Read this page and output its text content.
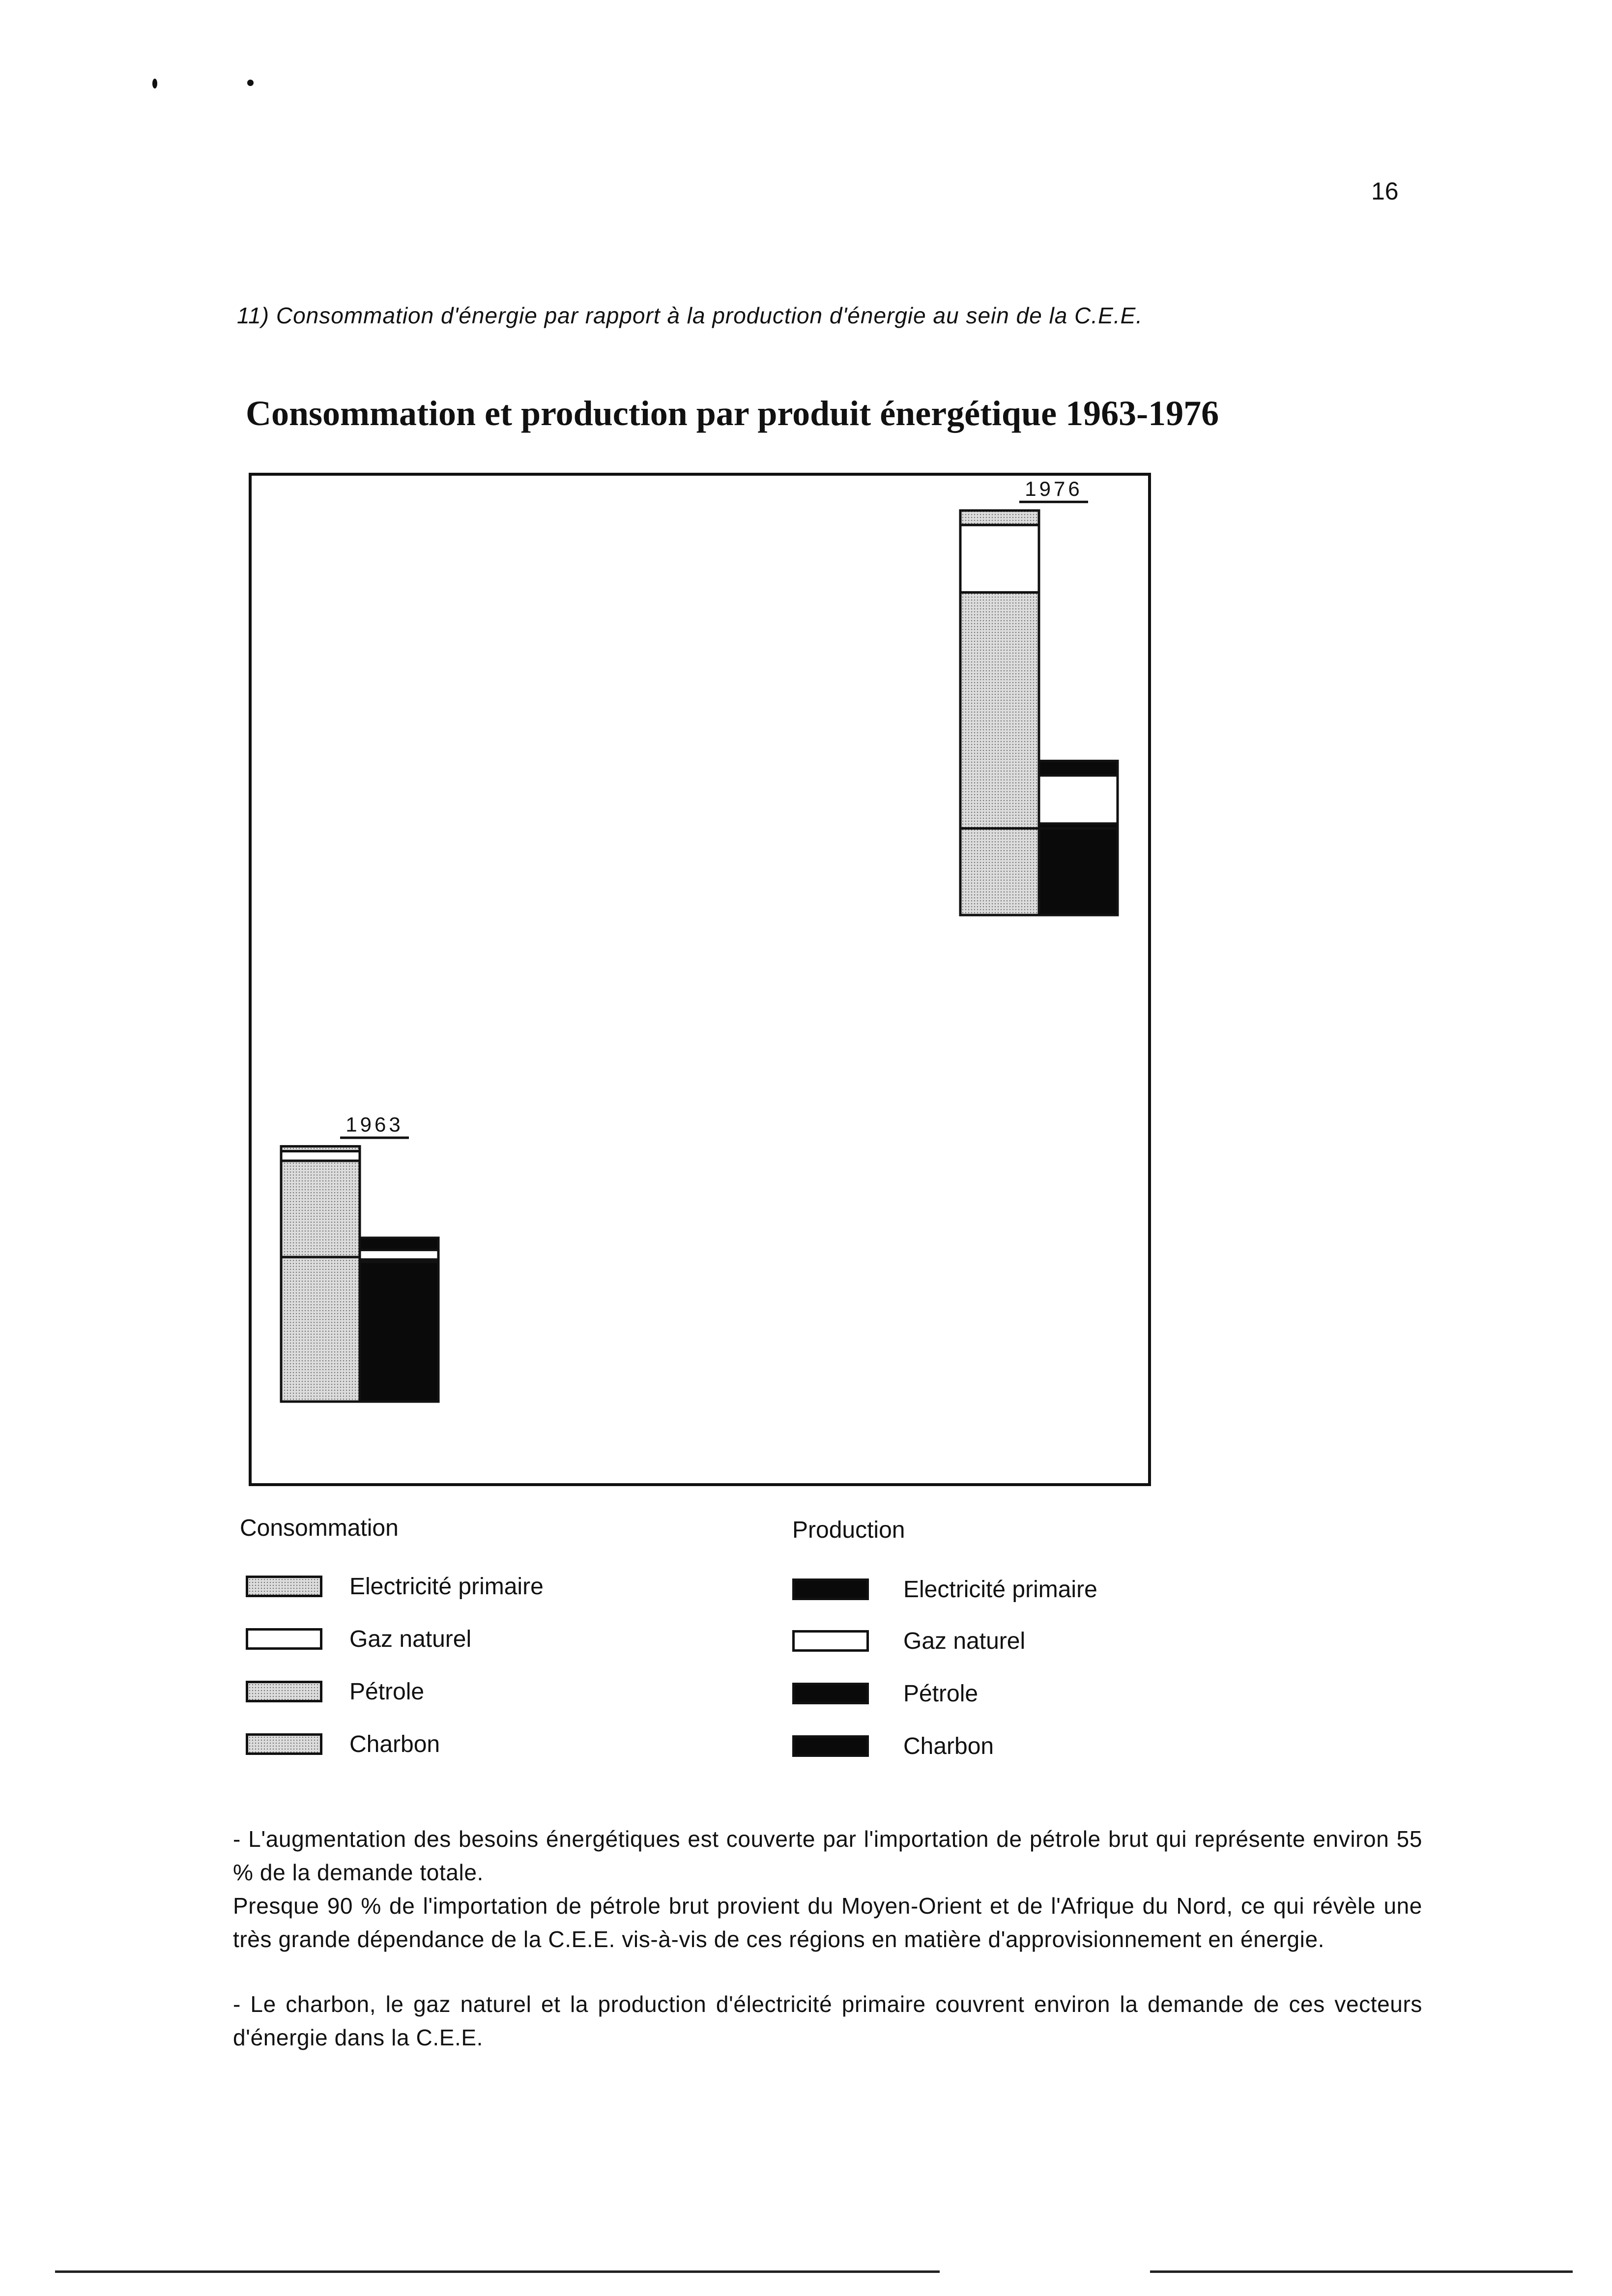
16
11) Consommation d'énergie par rapport à la production d'énergie au sein de la C.E.E.
Consommation et production par produit énergétique 1963-1976
1963
1976
Consommation
Electricité primaire
Gaz naturel
Pétrole
Charbon
Production
Electricité primaire
Gaz naturel
Pétrole
Charbon

- L'augmentation des besoins énergétiques est couverte par l'importation de pétrole brut qui représente environ 55 % de la demande totale.
Presque 90 % de l'importation de pétrole brut provient du Moyen-Orient et de l'Afrique du Nord, ce qui révèle une très grande dépendance de la C.E.E. vis-à-vis de ces régions en matière d'approvisionnement en énergie.

- Le charbon, le gaz naturel et la production d'électricité primaire couvrent environ la demande de ces vecteurs d'énergie dans la C.E.E.
